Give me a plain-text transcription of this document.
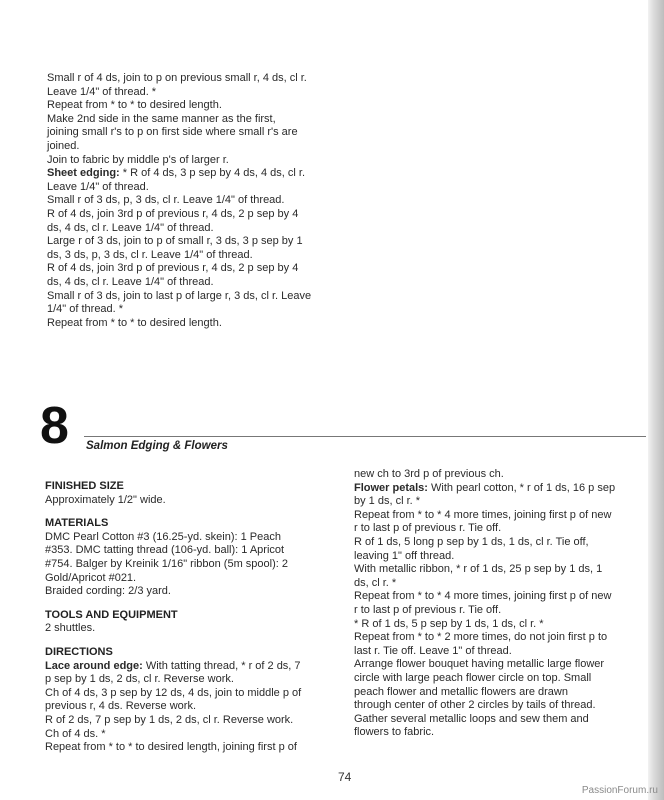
Small r of 4 ds, join to p on previous small r, 4 ds, cl r.
Leave 1/4" of thread. *
Repeat from * to * to desired length.
Make 2nd side in the same manner as the first,
joining small r's to p on first side where small r's are
joined.
Join to fabric by middle p's of larger r.
Sheet edging: * R of 4 ds, 3 p sep by 4 ds, 4 ds, cl r.
Leave 1/4" of thread.
Small r of 3 ds, p, 3 ds, cl r. Leave 1/4" of thread.
R of 4 ds, join 3rd p of previous r, 4 ds, 2 p sep by 4
ds, 4 ds, cl r. Leave 1/4" of thread.
Large r of 3 ds, join to p of small r, 3 ds, 3 p sep by 1
ds, 3 ds, p, 3 ds, cl r. Leave 1/4" of thread.
R of 4 ds, join 3rd p of previous r, 4 ds, 2 p sep by 4
ds, 4 ds, cl r. Leave 1/4" of thread.
Small r of 3 ds, join to last p of large r, 3 ds, cl r. Leave
1/4" of thread. *
Repeat from * to * to desired length.
8 Salmon Edging & Flowers
FINISHED SIZE
Approximately 1/2" wide.
MATERIALS
DMC Pearl Cotton #3 (16.25-yd. skein): 1 Peach
#353. DMC tatting thread (106-yd. ball): 1 Apricot
#754. Balger by Kreinik 1/16" ribbon (5m spool): 2
Gold/Apricot #021.
Braided cording: 2/3 yard.
TOOLS AND EQUIPMENT
2 shuttles.
DIRECTIONS
Lace around edge: With tatting thread, * r of 2 ds, 7
p sep by 1 ds, 2 ds, cl r. Reverse work.
Ch of 4 ds, 3 p sep by 12 ds, 4 ds, join to middle p of
previous r, 4 ds. Reverse work.
R of 2 ds, 7 p sep by 1 ds, 2 ds, cl r. Reverse work.
Ch of 4 ds. *
Repeat from * to * to desired length, joining first p of
new ch to 3rd p of previous ch.
Flower petals: With pearl cotton, * r of 1 ds, 16 p sep
by 1 ds, cl r. *
Repeat from * to * 4 more times, joining first p of new
r to last p of previous r. Tie off.
R of 1 ds, 5 long p sep by 1 ds, 1 ds, cl r. Tie off,
leaving 1" off thread.
With metallic ribbon, * r of 1 ds, 25 p sep by 1 ds, 1
ds, cl r. *
Repeat from * to * 4 more times, joining first p of new
r to last p of previous r. Tie off.
* R of 1 ds, 5 p sep by 1 ds, 1 ds, cl r. *
Repeat from * to * 2 more times, do not join first p to
last r. Tie off. Leave 1" of thread.
Arrange flower bouquet having metallic large flower
circle with large peach flower circle on top. Small
peach flower and metallic flowers are drawn
through center of other 2 circles by tails of thread.
Gather several metallic loops and sew them and
flowers to fabric.
74
PassionForum.ru
